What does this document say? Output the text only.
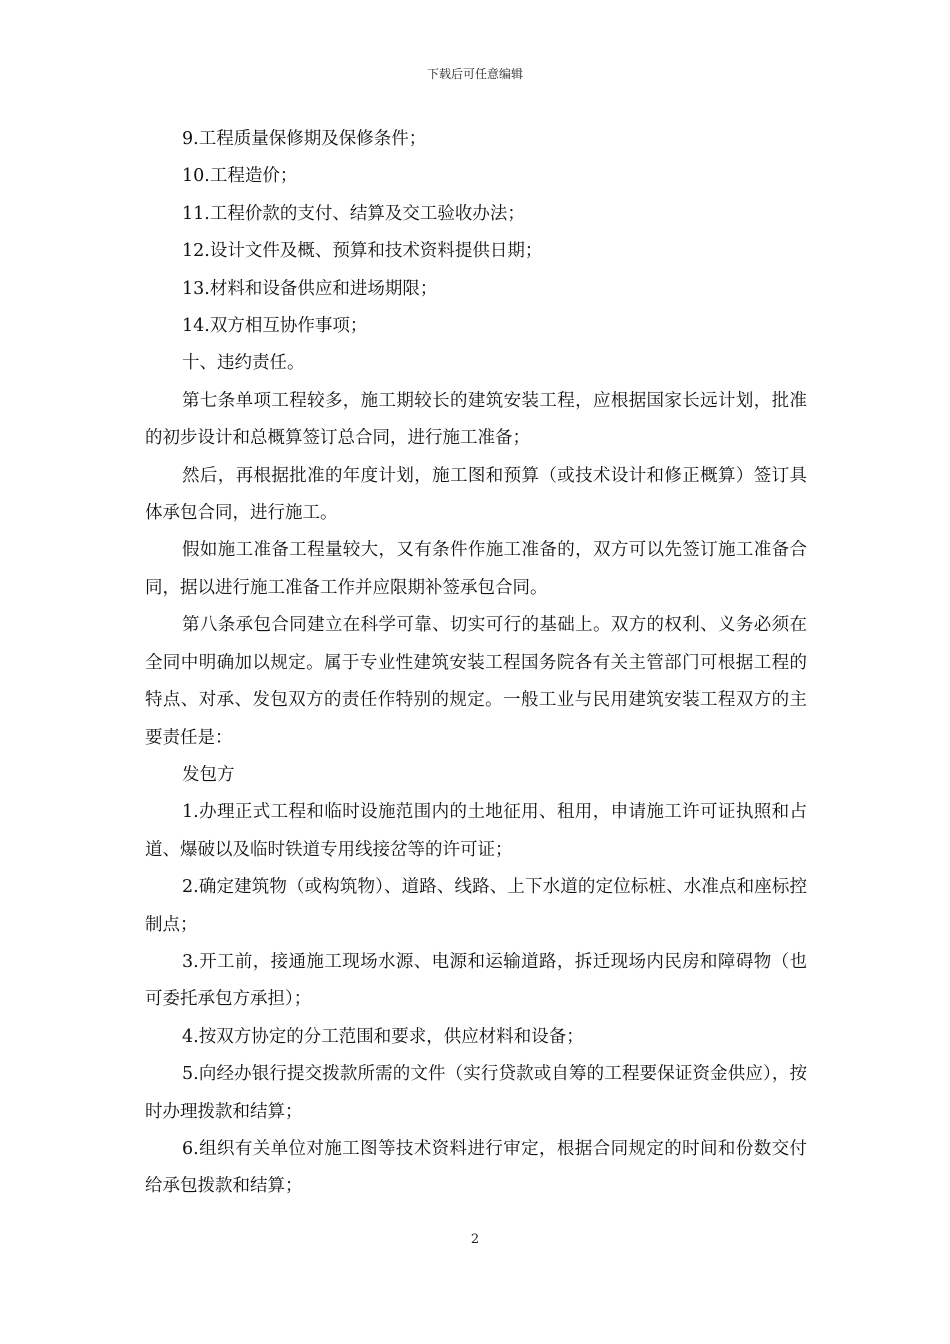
下载后可任意编辑

9.工程质量保修期及保修条件；

10.工程造价；

11.工程价款的支付、结算及交工验收办法；

12.设计文件及概、预算和技术资料提供日期；

13.材料和设备供应和进场期限；

14.双方相互协作事项；

十、违约责任。

第七条单项工程较多，施工期较长的建筑安装工程，应根据国家长远计划，批准的初步设计和总概算签订总合同，进行施工准备；

然后，再根据批准的年度计划，施工图和预算（或技术设计和修正概算）签订具体承包合同，进行施工。

假如施工准备工程量较大，又有条件作施工准备的，双方可以先签订施工准备合同，据以进行施工准备工作并应限期补签承包合同。

第八条承包合同建立在科学可靠、切实可行的基础上。双方的权利、义务必须在全同中明确加以规定。属于专业性建筑安装工程国务院各有关主管部门可根据工程的特点、对承、发包双方的责任作特别的规定。一般工业与民用建筑安装工程双方的主要责任是：

发包方

1.办理正式工程和临时设施范围内的土地征用、租用，申请施工许可证执照和占道、爆破以及临时铁道专用线接岔等的许可证；

2.确定建筑物（或构筑物）、道路、线路、上下水道的定位标桩、水准点和座标控制点；

3.开工前，接通施工现场水源、电源和运输道路，拆迁现场内民房和障碍物（也可委托承包方承担）；

4.按双方协定的分工范围和要求，供应材料和设备；

5.向经办银行提交拨款所需的文件（实行贷款或自筹的工程要保证资金供应），按时办理拨款和结算；

6.组织有关单位对施工图等技术资料进行审定，根据合同规定的时间和份数交付给承包拨款和结算；

2
